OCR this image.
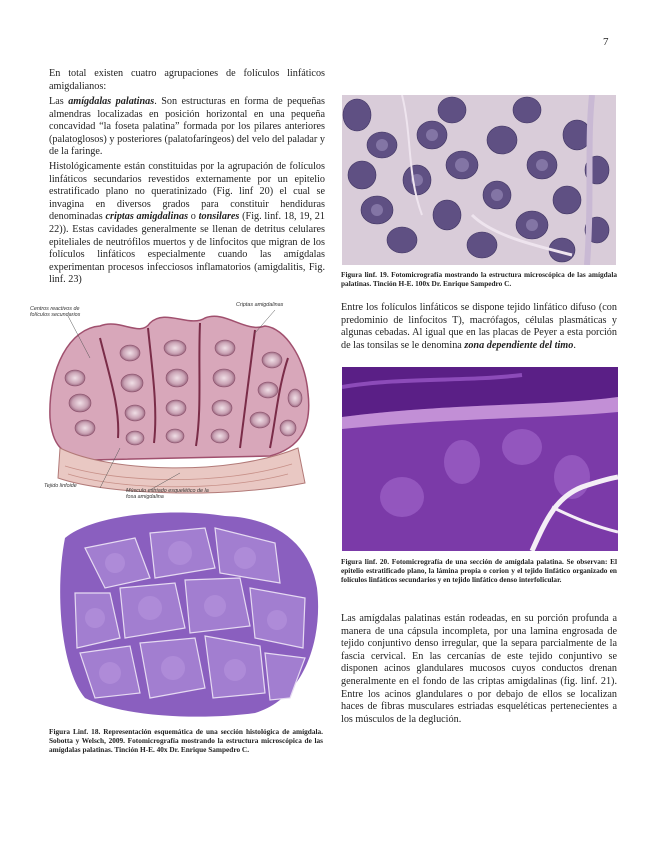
7

En total existen cuatro agrupaciones de folículos linfáticos amigdalianos:

Las amígdalas palatinas. Son estructuras en forma de pequeñas almendras localizadas en posición horizontal en una pequeña concavidad “la foseta palatina” formada por los pilares anteriores (palatoglosos) y posteriores (palatofaríngeos) del velo del paladar y de la faringe.

Histológicamente están constituidas por la agrupación de folículos linfáticos secundarios revestidos externamente por un epitelio estratificado plano no queratinizado (Fig. linf 20) el cual se invagina en diversos grados para constituir hendiduras denominadas criptas amigdalinas o tonsilares (Fig. linf. 18, 19, 21 22)). Estas cavidades generalmente se llenan de detritus celulares epiteliales de neutrófilos muertos y de linfocitos que migran de los folículos linfáticos especialmente cuando las amígdalas experimentan procesos infecciosos inflamatorios (amigdalitis, Fig. linf. 23)

Centros reactivos de folículos secundarios
Criptas amigdalinas
Tejido linfoide
Músculo estriado esquelético de la fosa amigdalina

Figura Linf. 18. Representación esquemática de una sección histológica de amígdala. Sobotta y Welsch, 2009. Fotomicrografía mostrando la estructura microscópica de las amígdalas palatinas. Tinción H-E. 40x Dr. Enrique Sampedro C.

Figura linf. 19. Fotomicrografía mostrando la estructura microscópica de las amígdala palatinas. Tinción H-E. 100x Dr. Enrique Sampedro C.

Entre los folículos linfáticos se dispone tejido linfático difuso (con predominio de linfocitos T), macrófagos, células plasmáticas y algunas cebadas. Al igual que en las placas de Peyer a esta porción de las tonsilas se le denomina zona dependiente del timo.

Figura linf. 20. Fotomicrografía de una sección de amígdala palatina. Se observan: El epitelio estratificado plano, la lámina propia o corion y el tejido linfático organizado en folículos linfáticos secundarios y en tejido linfático denso interfolicular.

Las amígdalas palatinas están rodeadas, en su porción profunda a manera de una cápsula incompleta, por una lamina engrosada de tejido conjuntivo denso irregular, que la separa parcialmente de la fascia cervical. En las cercanías de este tejido conjuntivo se disponen acinos glandulares mucosos cuyos conductos drenan generalmente en el fondo de las criptas amigdalinas (fig. linf. 21). Entre los acinos glandulares o por debajo de ellos se localizan haces de fibras musculares estriadas esqueléticas pertenecientes a los músculos de la deglución.
